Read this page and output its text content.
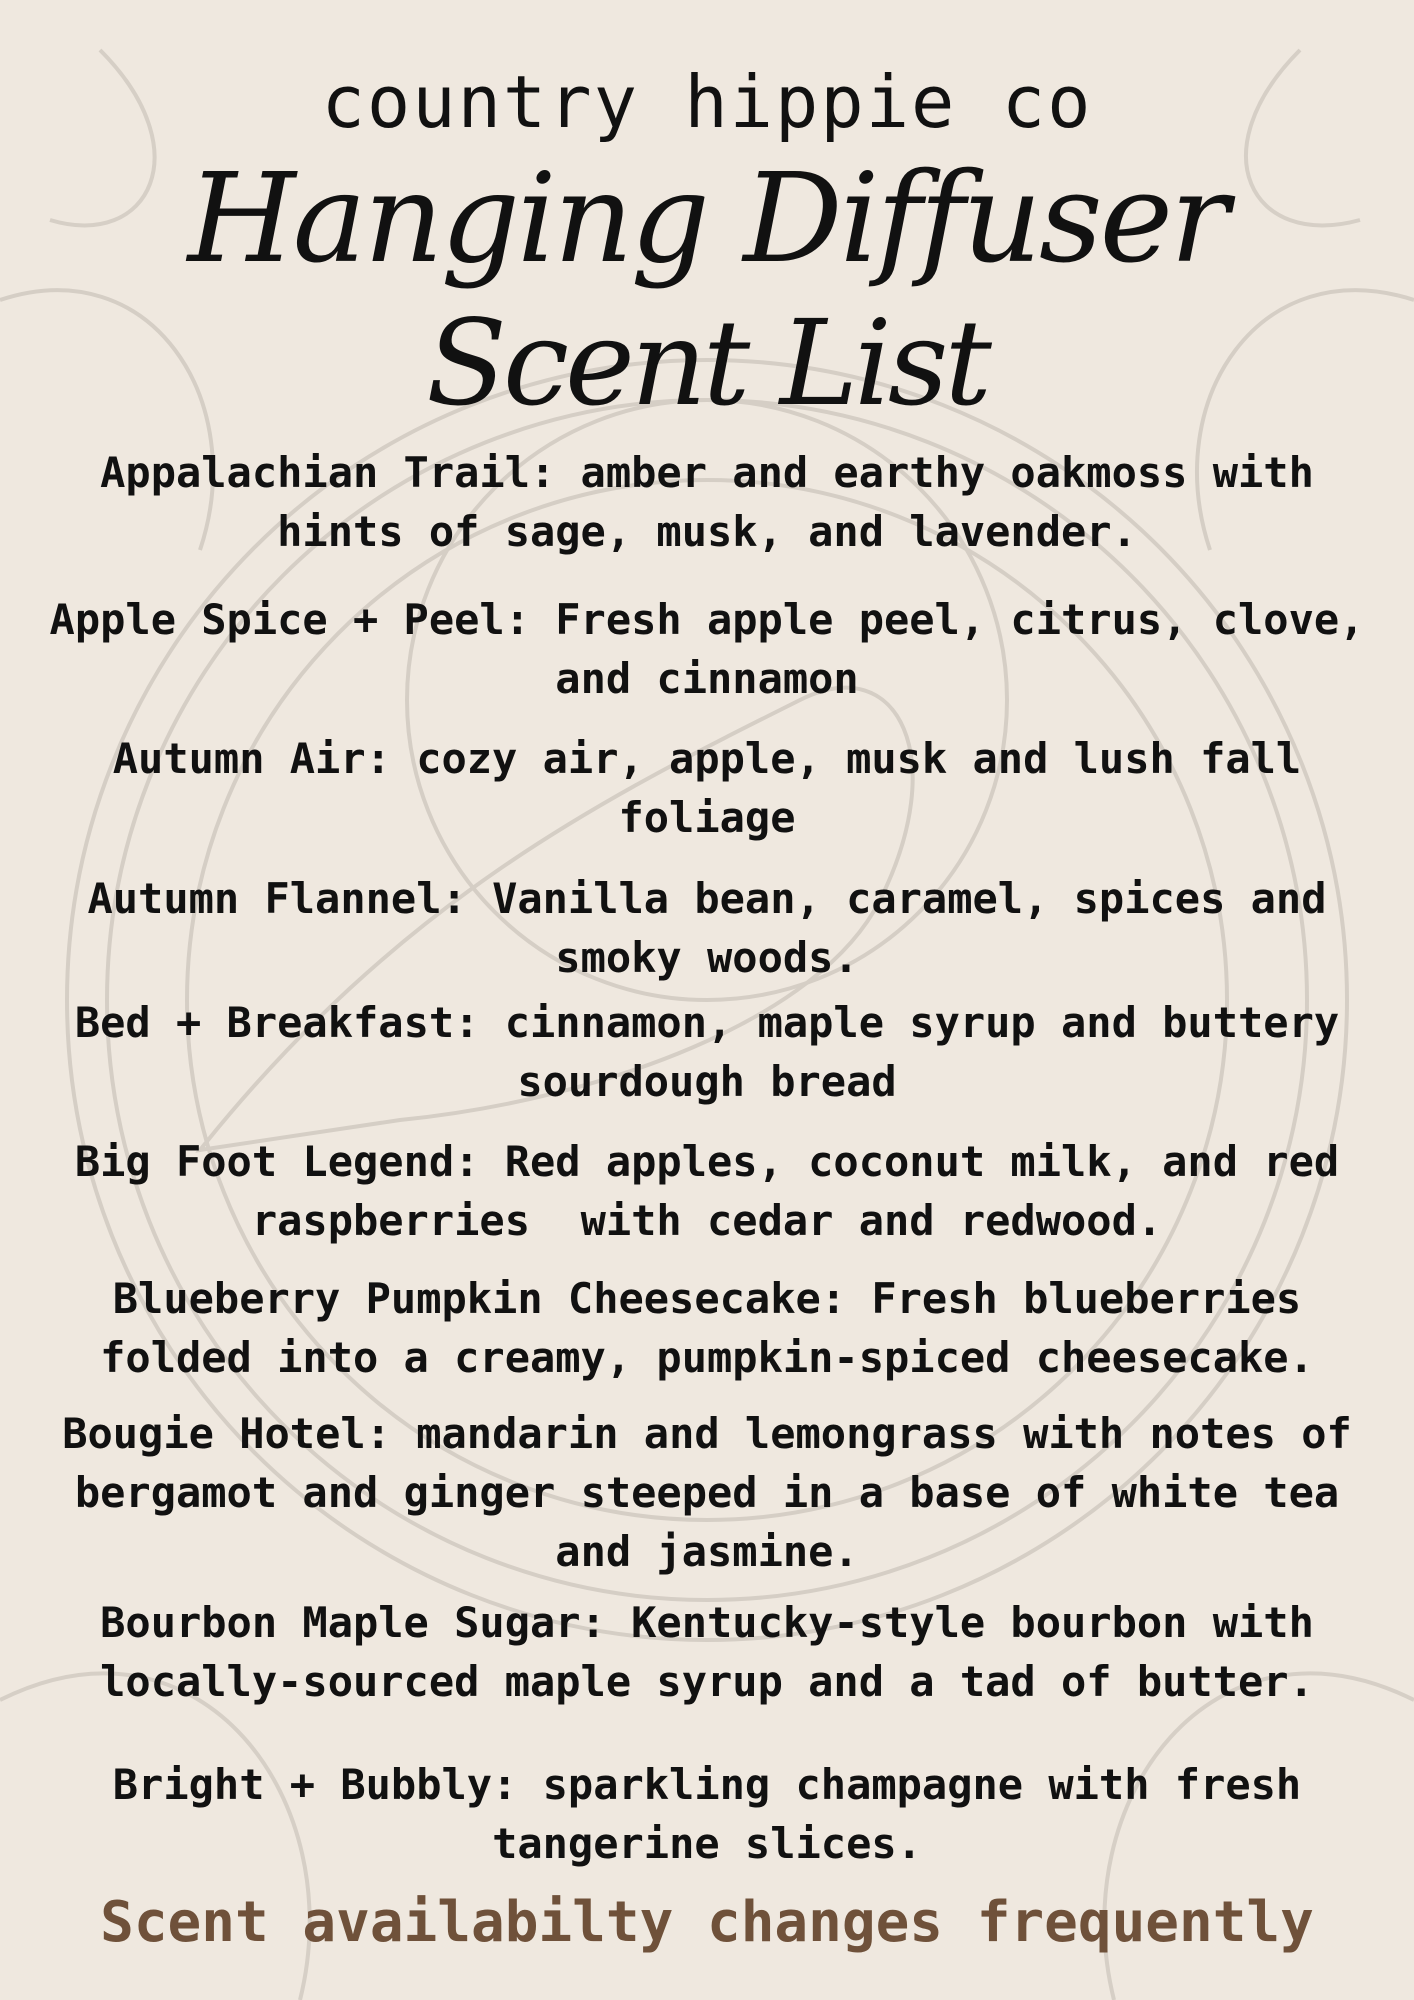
country hippie co
Hanging Diffuser
Scent List
Appalachian Trail: amber and earthy oakmoss with hints of sage, musk, and lavender.
Apple Spice + Peel: Fresh apple peel, citrus, clove, and cinnamon
Autumn Air: cozy air, apple, musk and lush fall foliage
Autumn Flannel: Vanilla bean, caramel, spices and smoky woods.
Bed + Breakfast: cinnamon, maple syrup and buttery sourdough bread
Big Foot Legend: Red apples, coconut milk, and red raspberries  with cedar and redwood.
Blueberry Pumpkin Cheesecake: Fresh blueberries folded into a creamy, pumpkin-spiced cheesecake.
Bougie Hotel: mandarin and lemongrass with notes of bergamot and ginger steeped in a base of white tea and jasmine.
Bourbon Maple Sugar: Kentucky-style bourbon with locally-sourced maple syrup and a tad of butter.
Bright + Bubbly: sparkling champagne with fresh tangerine slices.
Scent availabilty changes frequently
